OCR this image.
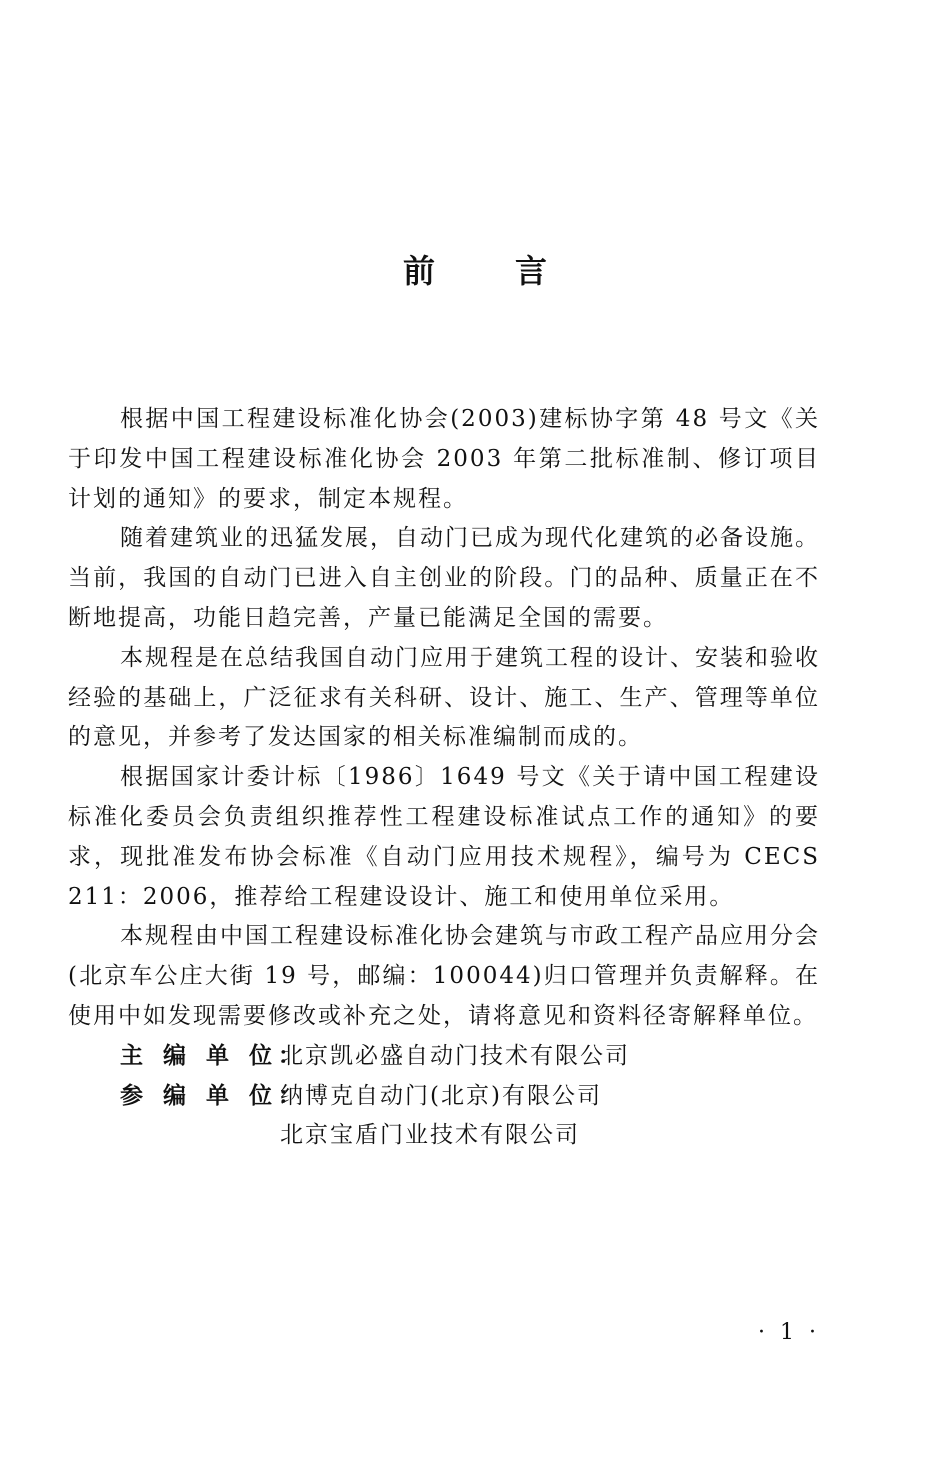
前	言

根据中国工程建设标准化协会(2003)建标协字第 48 号文《关于印发中国工程建设标准化协会 2003 年第二批标准制、修订项目计划的通知》的要求，制定本规程。

随着建筑业的迅猛发展，自动门已成为现代化建筑的必备设施。当前，我国的自动门已进入自主创业的阶段。门的品种、质量正在不断地提高，功能日趋完善，产量已能满足全国的需要。

本规程是在总结我国自动门应用于建筑工程的设计、安装和验收经验的基础上，广泛征求有关科研、设计、施工、生产、管理等单位的意见，并参考了发达国家的相关标准编制而成的。

根据国家计委计标〔1986〕1649 号文《关于请中国工程建设标准化委员会负责组织推荐性工程建设标准试点工作的通知》的要求，现批准发布协会标准《自动门应用技术规程》，编号为 CECS 211：2006，推荐给工程建设设计、施工和使用单位采用。

本规程由中国工程建设标准化协会建筑与市政工程产品应用分会(北京车公庄大街 19 号，邮编：100044)归口管理并负责解释。在使用中如发现需要修改或补充之处，请将意见和资料径寄解释单位。

主 编 单 位：
北京凯必盛自动门技术有限公司
参 编 单 位：
纳博克自动门(北京)有限公司
北京宝盾门业技术有限公司
· 1 ·
